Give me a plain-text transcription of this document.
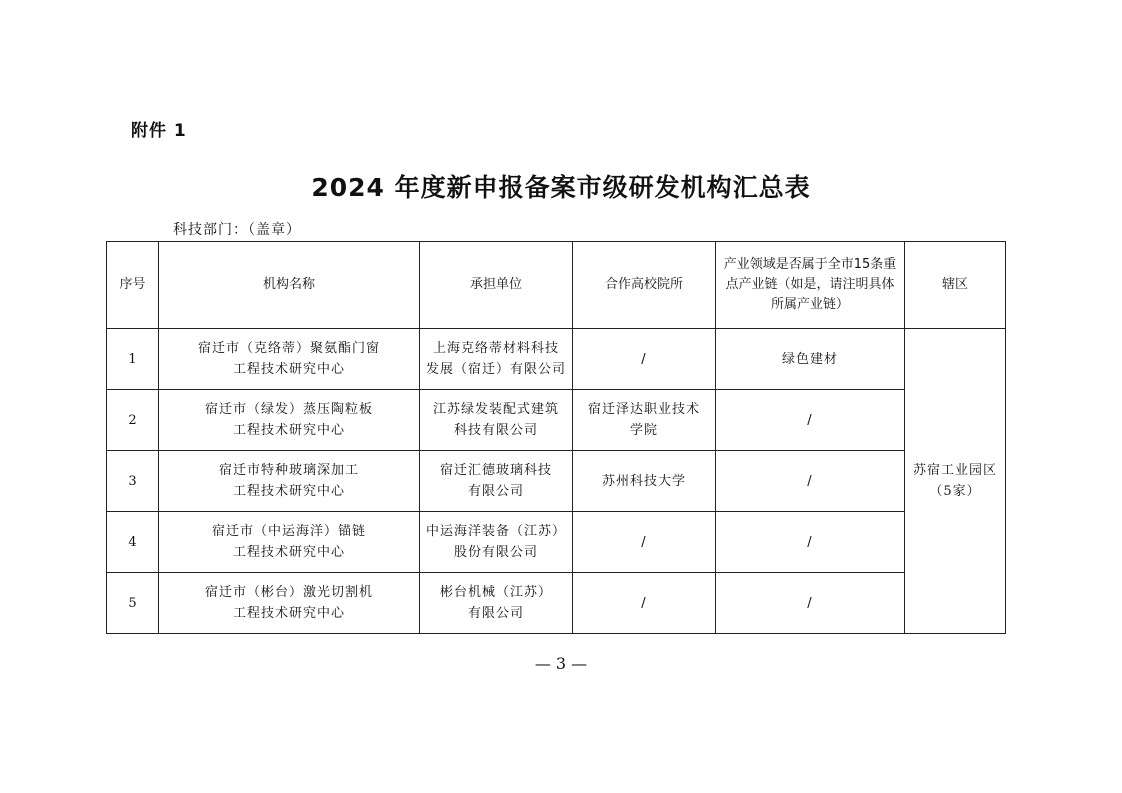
附件 1
2024 年度新申报备案市级研发机构汇总表
科技部门：（盖章）
序号	机构名称	承担单位	合作高校院所	产业领域是否属于全市15条重
点产业链（如是，请注明具体
所属产业链）	辖区
1	宿迁市（克络蒂）聚氨酯门窗
工程技术研究中心	上海克络蒂材料科技
发展（宿迁）有限公司	/	绿色建材	苏宿工业园区
（5家）

2	宿迁市（绿发）蒸压陶粒板
工程技术研究中心	江苏绿发装配式建筑
科技有限公司	宿迁泽达职业技术
学院	/	

3	宿迁市特种玻璃深加工
工程技术研究中心	宿迁汇德玻璃科技
有限公司	苏州科技大学	/	

4	宿迁市（中运海洋）锚链
工程技术研究中心	中运海洋装备（江苏）
股份有限公司	/	/	

5	宿迁市（彬台）激光切割机
工程技术研究中心	彬台机械（江苏）
有限公司	/	/	
— 3 —
